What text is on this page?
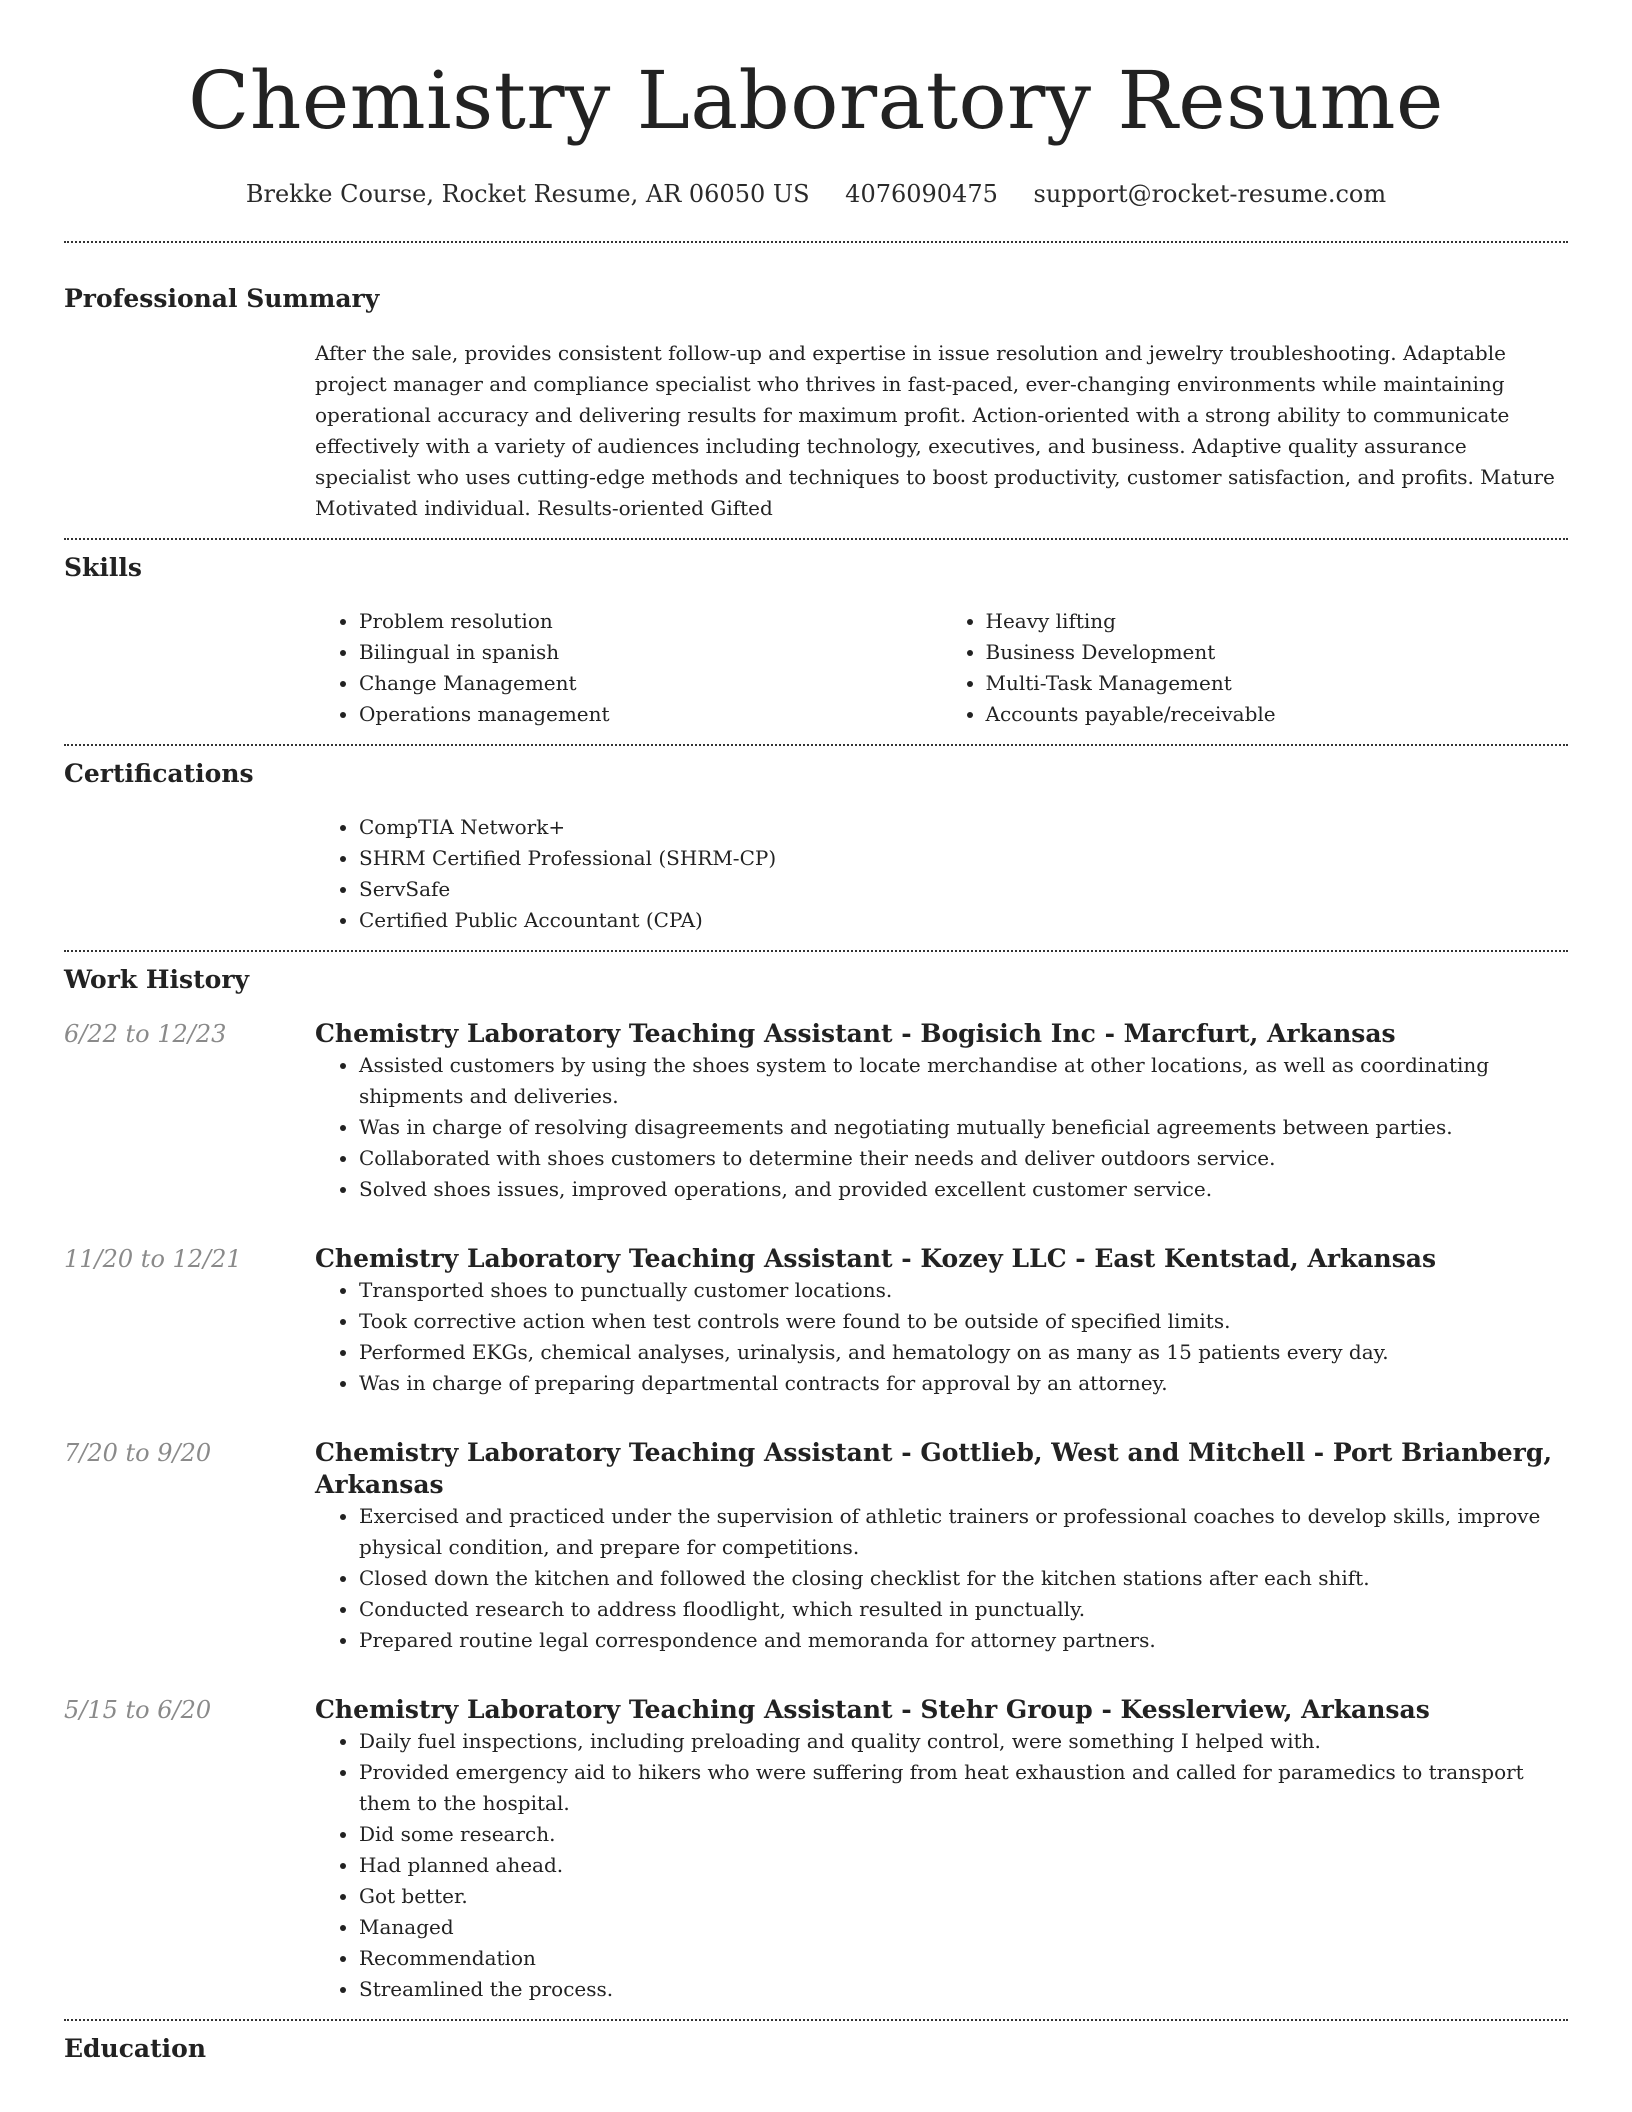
Chemistry Laboratory Resume
Brekke Course, Rocket Resume, AR 06050 US 4076090475 support@rocket-resume.com
Professional Summary
After the sale, provides consistent follow-up and expertise in issue resolution and jewelry troubleshooting. Adaptable project manager and compliance specialist who thrives in fast-paced, ever-changing environments while maintaining operational accuracy and delivering results for maximum profit. Action-oriented with a strong ability to communicate effectively with a variety of audiences including technology, executives, and business. Adaptive quality assurance specialist who uses cutting-edge methods and techniques to boost productivity, customer satisfaction, and profits. Mature Motivated individual. Results-oriented Gifted
Skills
• Problem resolution
• Bilingual in spanish
• Change Management
• Operations management
• Heavy lifting
• Business Development
• Multi-Task Management
• Accounts payable/receivable
Certifications
• CompTIA Network+
• SHRM Certified Professional (SHRM-CP)
• ServSafe
• Certified Public Accountant (CPA)
Work History
6/22 to 12/23	Chemistry Laboratory Teaching Assistant - Bogisich Inc - Marcfurt, Arkansas
• Assisted customers by using the shoes system to locate merchandise at other locations, as well as coordinating shipments and deliveries.
• Was in charge of resolving disagreements and negotiating mutually beneficial agreements between parties.
• Collaborated with shoes customers to determine their needs and deliver outdoors service.
• Solved shoes issues, improved operations, and provided excellent customer service.
11/20 to 12/21	Chemistry Laboratory Teaching Assistant - Kozey LLC - East Kentstad, Arkansas
• Transported shoes to punctually customer locations.
• Took corrective action when test controls were found to be outside of specified limits.
• Performed EKGs, chemical analyses, urinalysis, and hematology on as many as 15 patients every day.
• Was in charge of preparing departmental contracts for approval by an attorney.
7/20 to 9/20	Chemistry Laboratory Teaching Assistant - Gottlieb, West and Mitchell - Port Brianberg, Arkansas
• Exercised and practiced under the supervision of athletic trainers or professional coaches to develop skills, improve physical condition, and prepare for competitions.
• Closed down the kitchen and followed the closing checklist for the kitchen stations after each shift.
• Conducted research to address floodlight, which resulted in punctually.
• Prepared routine legal correspondence and memoranda for attorney partners.
5/15 to 6/20	Chemistry Laboratory Teaching Assistant - Stehr Group - Kesslerview, Arkansas
• Daily fuel inspections, including preloading and quality control, were something I helped with.
• Provided emergency aid to hikers who were suffering from heat exhaustion and called for paramedics to transport them to the hospital.
• Did some research.
• Had planned ahead.
• Got better.
• Managed
• Recommendation
• Streamlined the process.
Education
